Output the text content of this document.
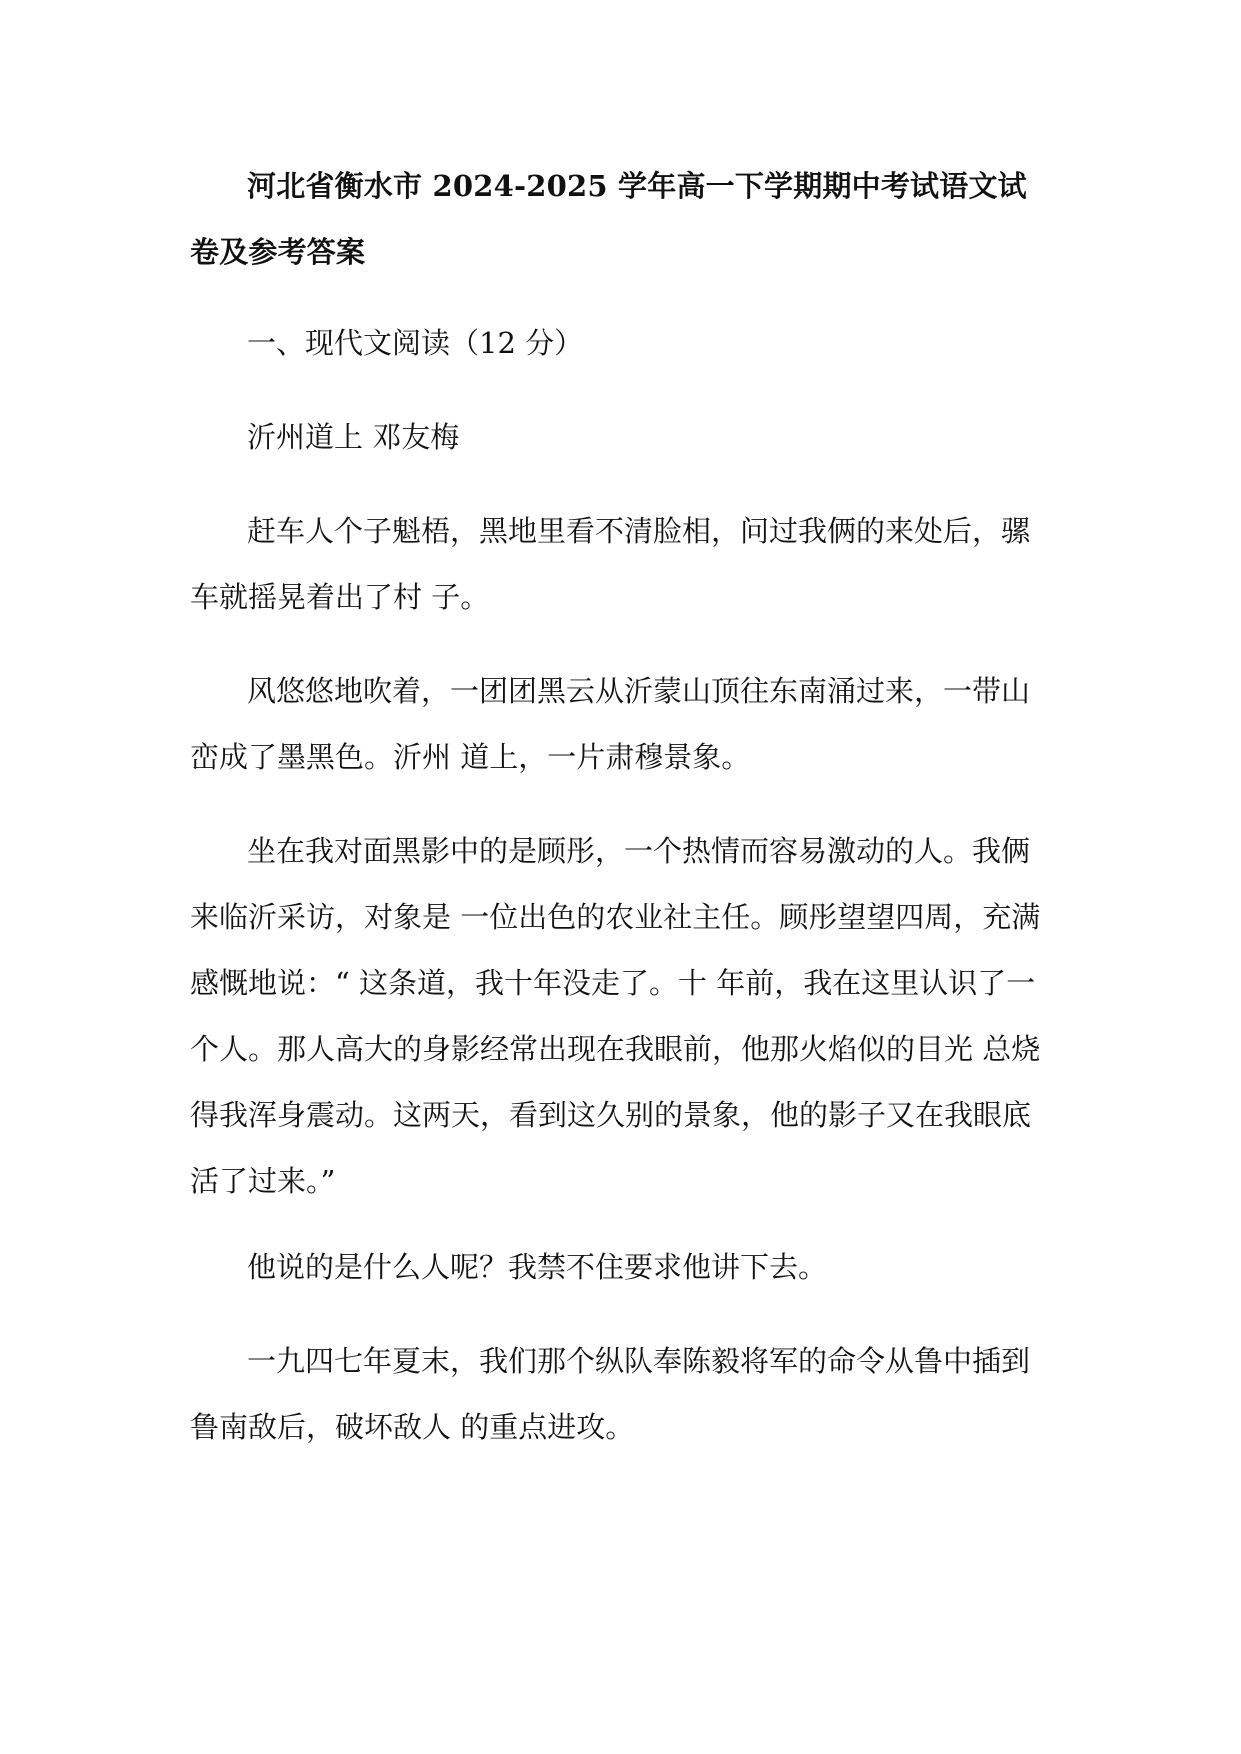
河北省衡水市 2024-2025 学年高一下学期期中考试语文试卷及参考答案

一、现代文阅读（12 分）

沂州道上 邓友梅

赶车人个子魁梧，黑地里看不清脸相，问过我俩的来处后，骡车就摇晃着出了村 子。

风悠悠地吹着，一团团黑云从沂蒙山顶往东南涌过来，一带山峦成了墨黑色。沂州 道上，一片肃穆景象。

坐在我对面黑影中的是顾彤，一个热情而容易激动的人。我俩来临沂采访，对象是 一位出色的农业社主任。顾彤望望四周，充满感慨地说：“ 这条道，我十年没走了。十 年前，我在这里认识了一个人。那人高大的身影经常出现在我眼前，他那火焰似的目光 总烧得我浑身震动。这两天，看到这久别的景象，他的影子又在我眼底活了过来。”

他说的是什么人呢？我禁不住要求他讲下去。

一九四七年夏末，我们那个纵队奉陈毅将军的命令从鲁中插到鲁南敌后，破坏敌人 的重点进攻。
